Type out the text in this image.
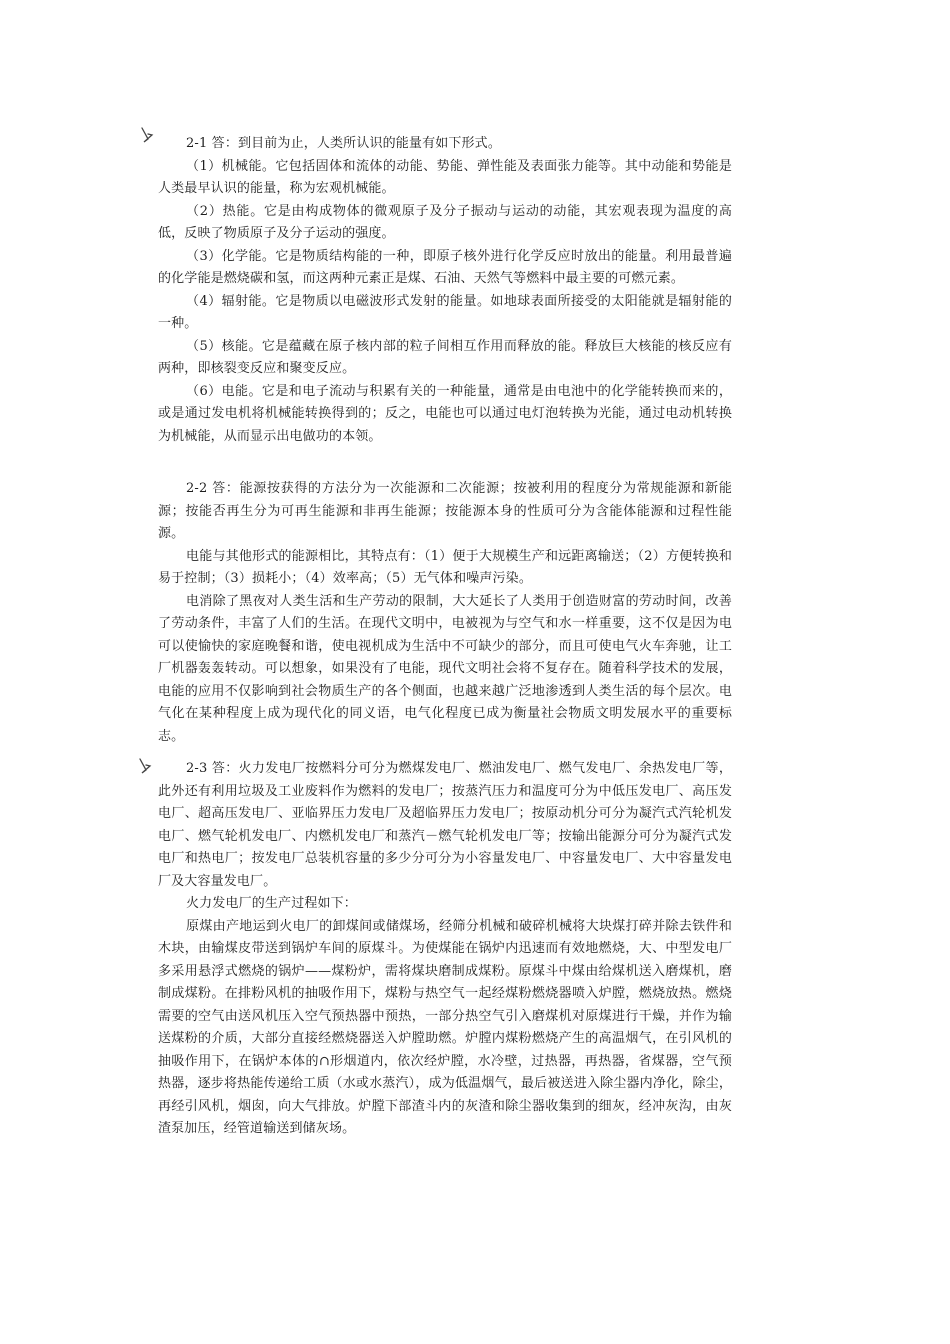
2-1 答：到目前为止，人类所认识的能量有如下形式。

（1）机械能。它包括固体和流体的动能、势能、弹性能及表面张力能等。其中动能和势能是人类最早认识的能量，称为宏观机械能。

（2）热能。它是由构成物体的微观原子及分子振动与运动的动能，其宏观表现为温度的高低，反映了物质原子及分子运动的强度。

（3）化学能。它是物质结构能的一种，即原子核外进行化学反应时放出的能量。利用最普遍的化学能是燃烧碳和氢，而这两种元素正是煤、石油、天然气等燃料中最主要的可燃元素。

（4）辐射能。它是物质以电磁波形式发射的能量。如地球表面所接受的太阳能就是辐射能的一种。

（5）核能。它是蕴藏在原子核内部的粒子间相互作用而释放的能。释放巨大核能的核反应有两种，即核裂变反应和聚变反应。

（6）电能。它是和电子流动与积累有关的一种能量，通常是由电池中的化学能转换而来的，或是通过发电机将机械能转换得到的；反之，电能也可以通过电灯泡转换为光能，通过电动机转换为机械能，从而显示出电做功的本领。

2-2 答：能源按获得的方法分为一次能源和二次能源；按被利用的程度分为常规能源和新能源；按能否再生分为可再生能源和非再生能源；按能源本身的性质可分为含能体能源和过程性能源。

电能与其他形式的能源相比，其特点有：（1）便于大规模生产和远距离输送；（2）方便转换和易于控制；（3）损耗小；（4）效率高；（5）无气体和噪声污染。

电消除了黑夜对人类生活和生产劳动的限制，大大延长了人类用于创造财富的劳动时间，改善了劳动条件，丰富了人们的生活。在现代文明中，电被视为与空气和水一样重要，这不仅是因为电可以使愉快的家庭晚餐和谐，使电视机成为生活中不可缺少的部分，而且可使电气火车奔驰，让工厂机器轰轰转动。可以想象，如果没有了电能，现代文明社会将不复存在。随着科学技术的发展，电能的应用不仅影响到社会物质生产的各个侧面，也越来越广泛地渗透到人类生活的每个层次。电气化在某种程度上成为现代化的同义语，电气化程度已成为衡量社会物质文明发展水平的重要标志。

2-3 答：火力发电厂按燃料分可分为燃煤发电厂、燃油发电厂、燃气发电厂、余热发电厂等，此外还有利用垃圾及工业废料作为燃料的发电厂；按蒸汽压力和温度可分为中低压发电厂、高压发电厂、超高压发电厂、亚临界压力发电厂及超临界压力发电厂；按原动机分可分为凝汽式汽轮机发电厂、燃气轮机发电厂、内燃机发电厂和蒸汽－燃气轮机发电厂等；按输出能源分可分为凝汽式发电厂和热电厂；按发电厂总装机容量的多少分可分为小容量发电厂、中容量发电厂、大中容量发电厂及大容量发电厂。

火力发电厂的生产过程如下：

原煤由产地运到火电厂的卸煤间或储煤场，经筛分机械和破碎机械将大块煤打碎并除去铁件和木块，由输煤皮带送到锅炉车间的原煤斗。为使煤能在锅炉内迅速而有效地燃烧，大、中型发电厂多采用悬浮式燃烧的锅炉——煤粉炉，需将煤块磨制成煤粉。原煤斗中煤由给煤机送入磨煤机，磨制成煤粉。在排粉风机的抽吸作用下，煤粉与热空气一起经煤粉燃烧器喷入炉膛，燃烧放热。燃烧需要的空气由送风机压入空气预热器中预热，一部分热空气引入磨煤机对原煤进行干燥，并作为输送煤粉的介质，大部分直接经燃烧器送入炉膛助燃。炉膛内煤粉燃烧产生的高温烟气，在引风机的抽吸作用下，在锅炉本体的∩形烟道内，依次经炉膛，水冷壁，过热器，再热器，省煤器，空气预热器，逐步将热能传递给工质（水或水蒸汽），成为低温烟气，最后被送进入除尘器内净化，除尘，再经引风机，烟囱，向大气排放。炉膛下部渣斗内的灰渣和除尘器收集到的细灰，经冲灰沟，由灰渣泵加压，经管道输送到储灰场。
